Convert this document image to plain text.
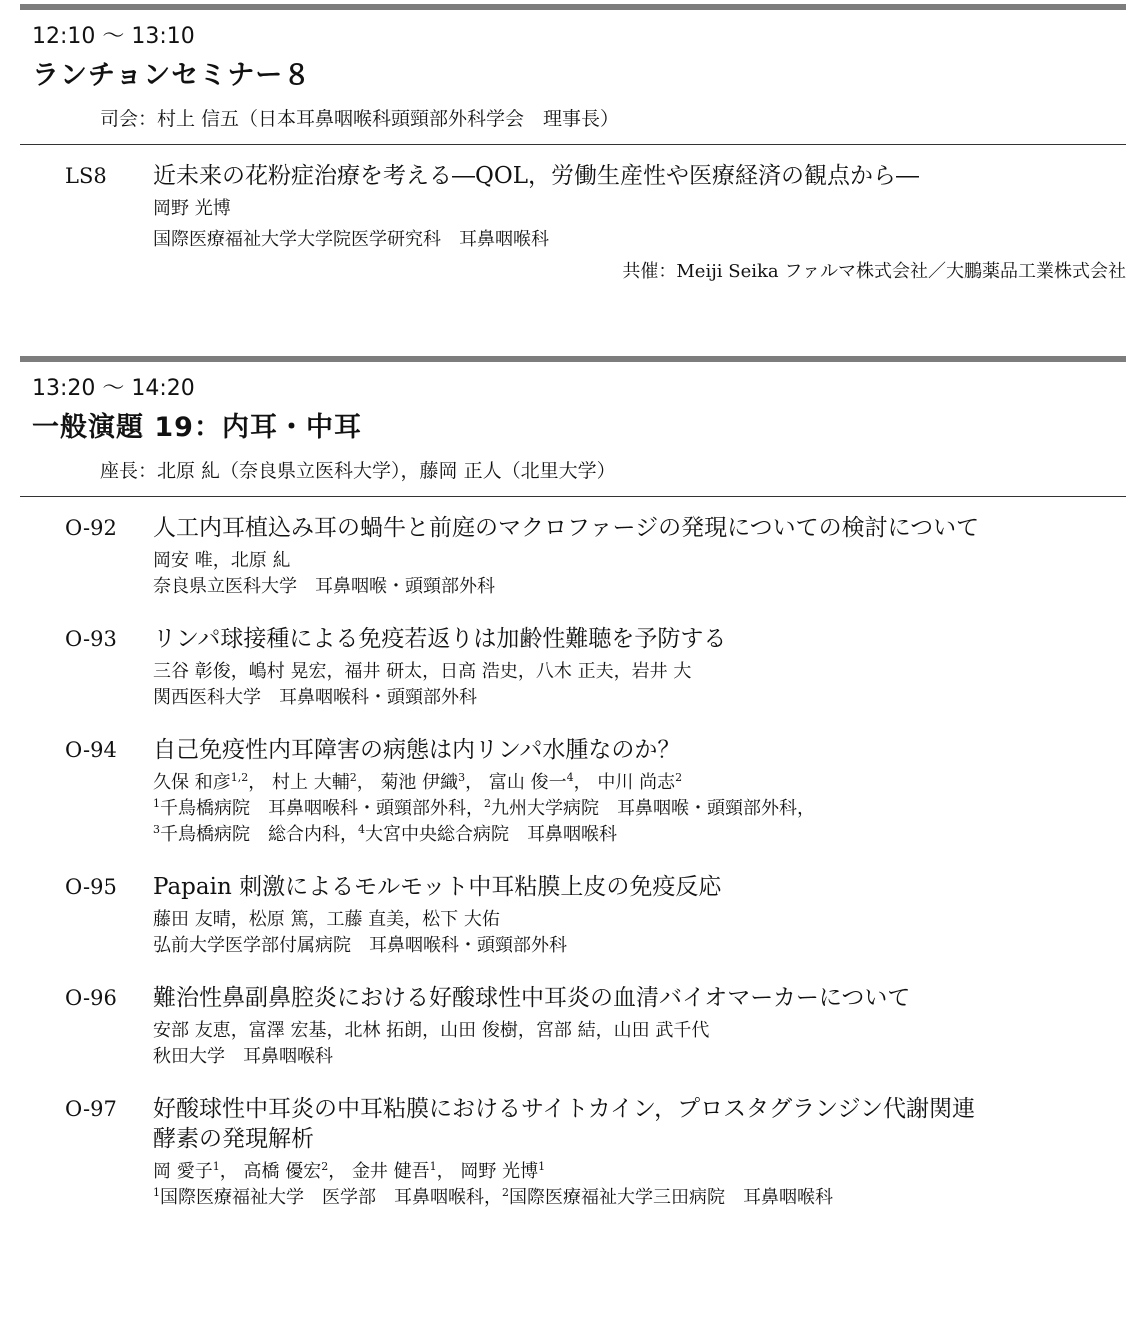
12:10 〜 13:10
ランチョンセミナー８
司会：村上 信五（日本耳鼻咽喉科頭頸部外科学会　理事長）
LS8 近未来の花粉症治療を考える―QOL，労働生産性や医療経済の観点から―
岡野 光博
国際医療福祉大学大学院医学研究科　耳鼻咽喉科
共催：Meiji Seika ファルマ株式会社／大鵬薬品工業株式会社
13:20 〜 14:20
一般演題 19：内耳・中耳
座長：北原 糺（奈良県立医科大学），藤岡 正人（北里大学）
O-92 人工内耳植込み耳の蝸牛と前庭のマクロファージの発現についての検討について
岡安 唯，北原 糺
奈良県立医科大学　耳鼻咽喉・頭頸部外科
O-93 リンパ球接種による免疫若返りは加齢性難聴を予防する
三谷 彰俊，嶋村 晃宏，福井 研太，日高 浩史，八木 正夫，岩井 大
関西医科大学　耳鼻咽喉科・頭頸部外科
O-94 自己免疫性内耳障害の病態は内リンパ水腫なのか？
久保 和彦$^{1,2}$， 村上 大輔$^2$， 菊池 伊織$^3$， 富山 俊一$^4$， 中川 尚志$^2$
$^1$千鳥橋病院　耳鼻咽喉科・頭頸部外科，$^2$九州大学病院　耳鼻咽喉・頭頸部外科，
$^3$千鳥橋病院　総合内科，$^4$大宮中央総合病院　耳鼻咽喉科
O-95 Papain 刺激によるモルモット中耳粘膜上皮の免疫反応
藤田 友晴，松原 篤，工藤 直美，松下 大佑
弘前大学医学部付属病院　耳鼻咽喉科・頭頸部外科
O-96 難治性鼻副鼻腔炎における好酸球性中耳炎の血清バイオマーカーについて
安部 友恵，富澤 宏基，北林 拓朗，山田 俊樹，宮部 結，山田 武千代
秋田大学　耳鼻咽喉科
O-97 好酸球性中耳炎の中耳粘膜におけるサイトカイン，プロスタグランジン代謝関連
酵素の発現解析
岡 愛子$^1$， 高橋 優宏$^2$， 金井 健吾$^1$， 岡野 光博$^1$
$^1$国際医療福祉大学　医学部　耳鼻咽喉科，$^2$国際医療福祉大学三田病院　耳鼻咽喉科
